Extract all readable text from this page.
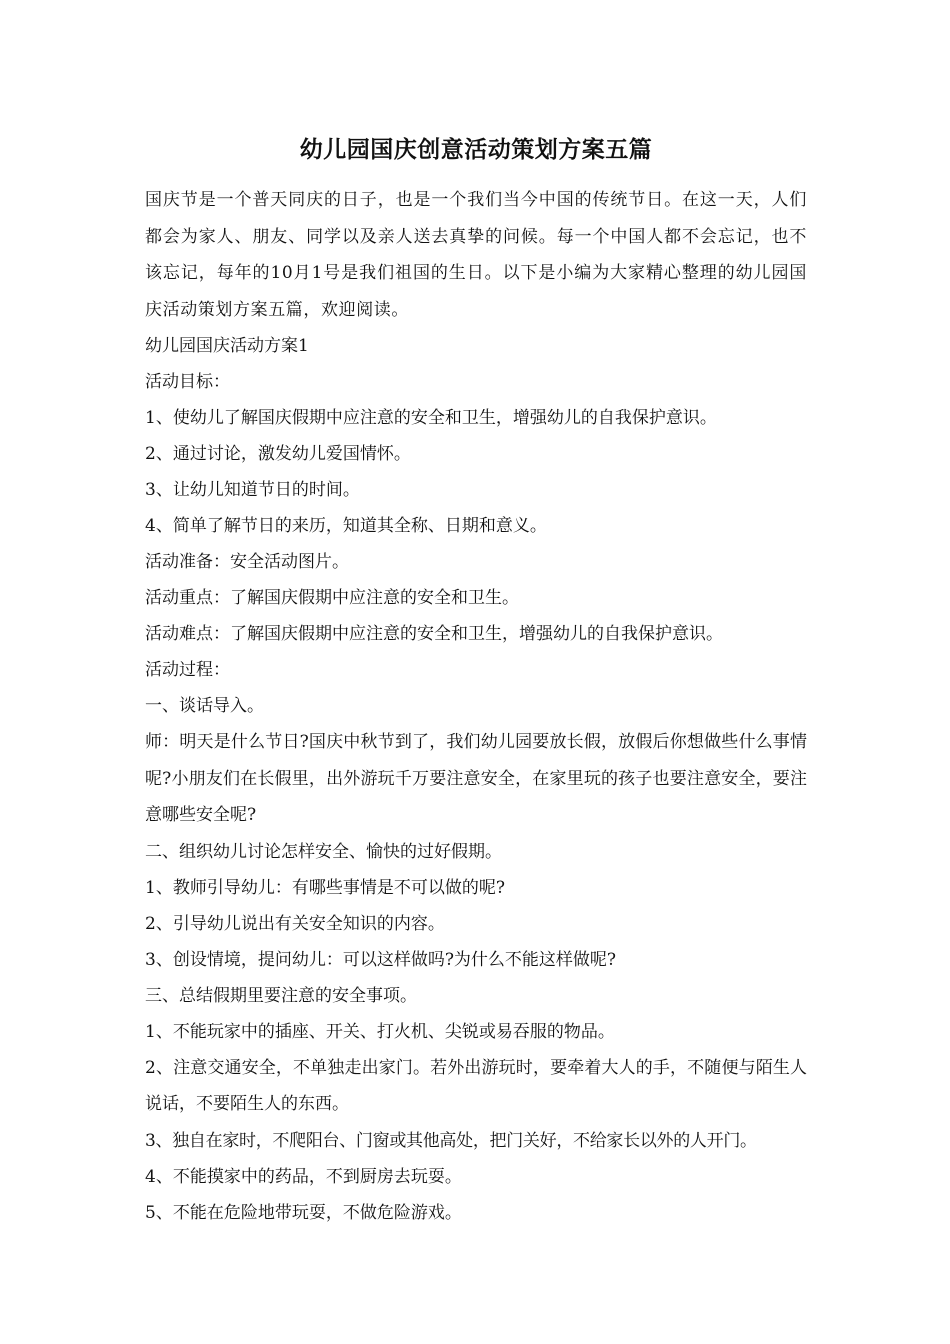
幼儿园国庆创意活动策划方案五篇

国庆节是一个普天同庆的日子，也是一个我们当今中国的传统节日。在这一天，人们都会为家人、朋友、同学以及亲人送去真挚的问候。每一个中国人都不会忘记，也不该忘记，每年的10月1号是我们祖国的生日。以下是小编为大家精心整理的幼儿园国庆活动策划方案五篇，欢迎阅读。

幼儿园国庆活动方案1

活动目标：

1、使幼儿了解国庆假期中应注意的安全和卫生，增强幼儿的自我保护意识。

2、通过讨论，激发幼儿爱国情怀。

3、让幼儿知道节日的时间。

4、简单了解节日的来历，知道其全称、日期和意义。

活动准备：安全活动图片。

活动重点：了解国庆假期中应注意的安全和卫生。

活动难点：了解国庆假期中应注意的安全和卫生，增强幼儿的自我保护意识。

活动过程：

一、谈话导入。

师：明天是什么节日?国庆中秋节到了，我们幼儿园要放长假，放假后你想做些什么事情呢?小朋友们在长假里，出外游玩千万要注意安全，在家里玩的孩子也要注意安全，要注意哪些安全呢?

二、组织幼儿讨论怎样安全、愉快的过好假期。

1、教师引导幼儿：有哪些事情是不可以做的呢?

2、引导幼儿说出有关安全知识的内容。

3、创设情境，提问幼儿：可以这样做吗?为什么不能这样做呢?

三、总结假期里要注意的安全事项。

1、不能玩家中的插座、开关、打火机、尖锐或易吞服的物品。

2、注意交通安全，不单独走出家门。若外出游玩时，要牵着大人的手，不随便与陌生人说话，不要陌生人的东西。

3、独自在家时，不爬阳台、门窗或其他高处，把门关好，不给家长以外的人开门。

4、不能摸家中的药品，不到厨房去玩耍。

5、不能在危险地带玩耍，不做危险游戏。
